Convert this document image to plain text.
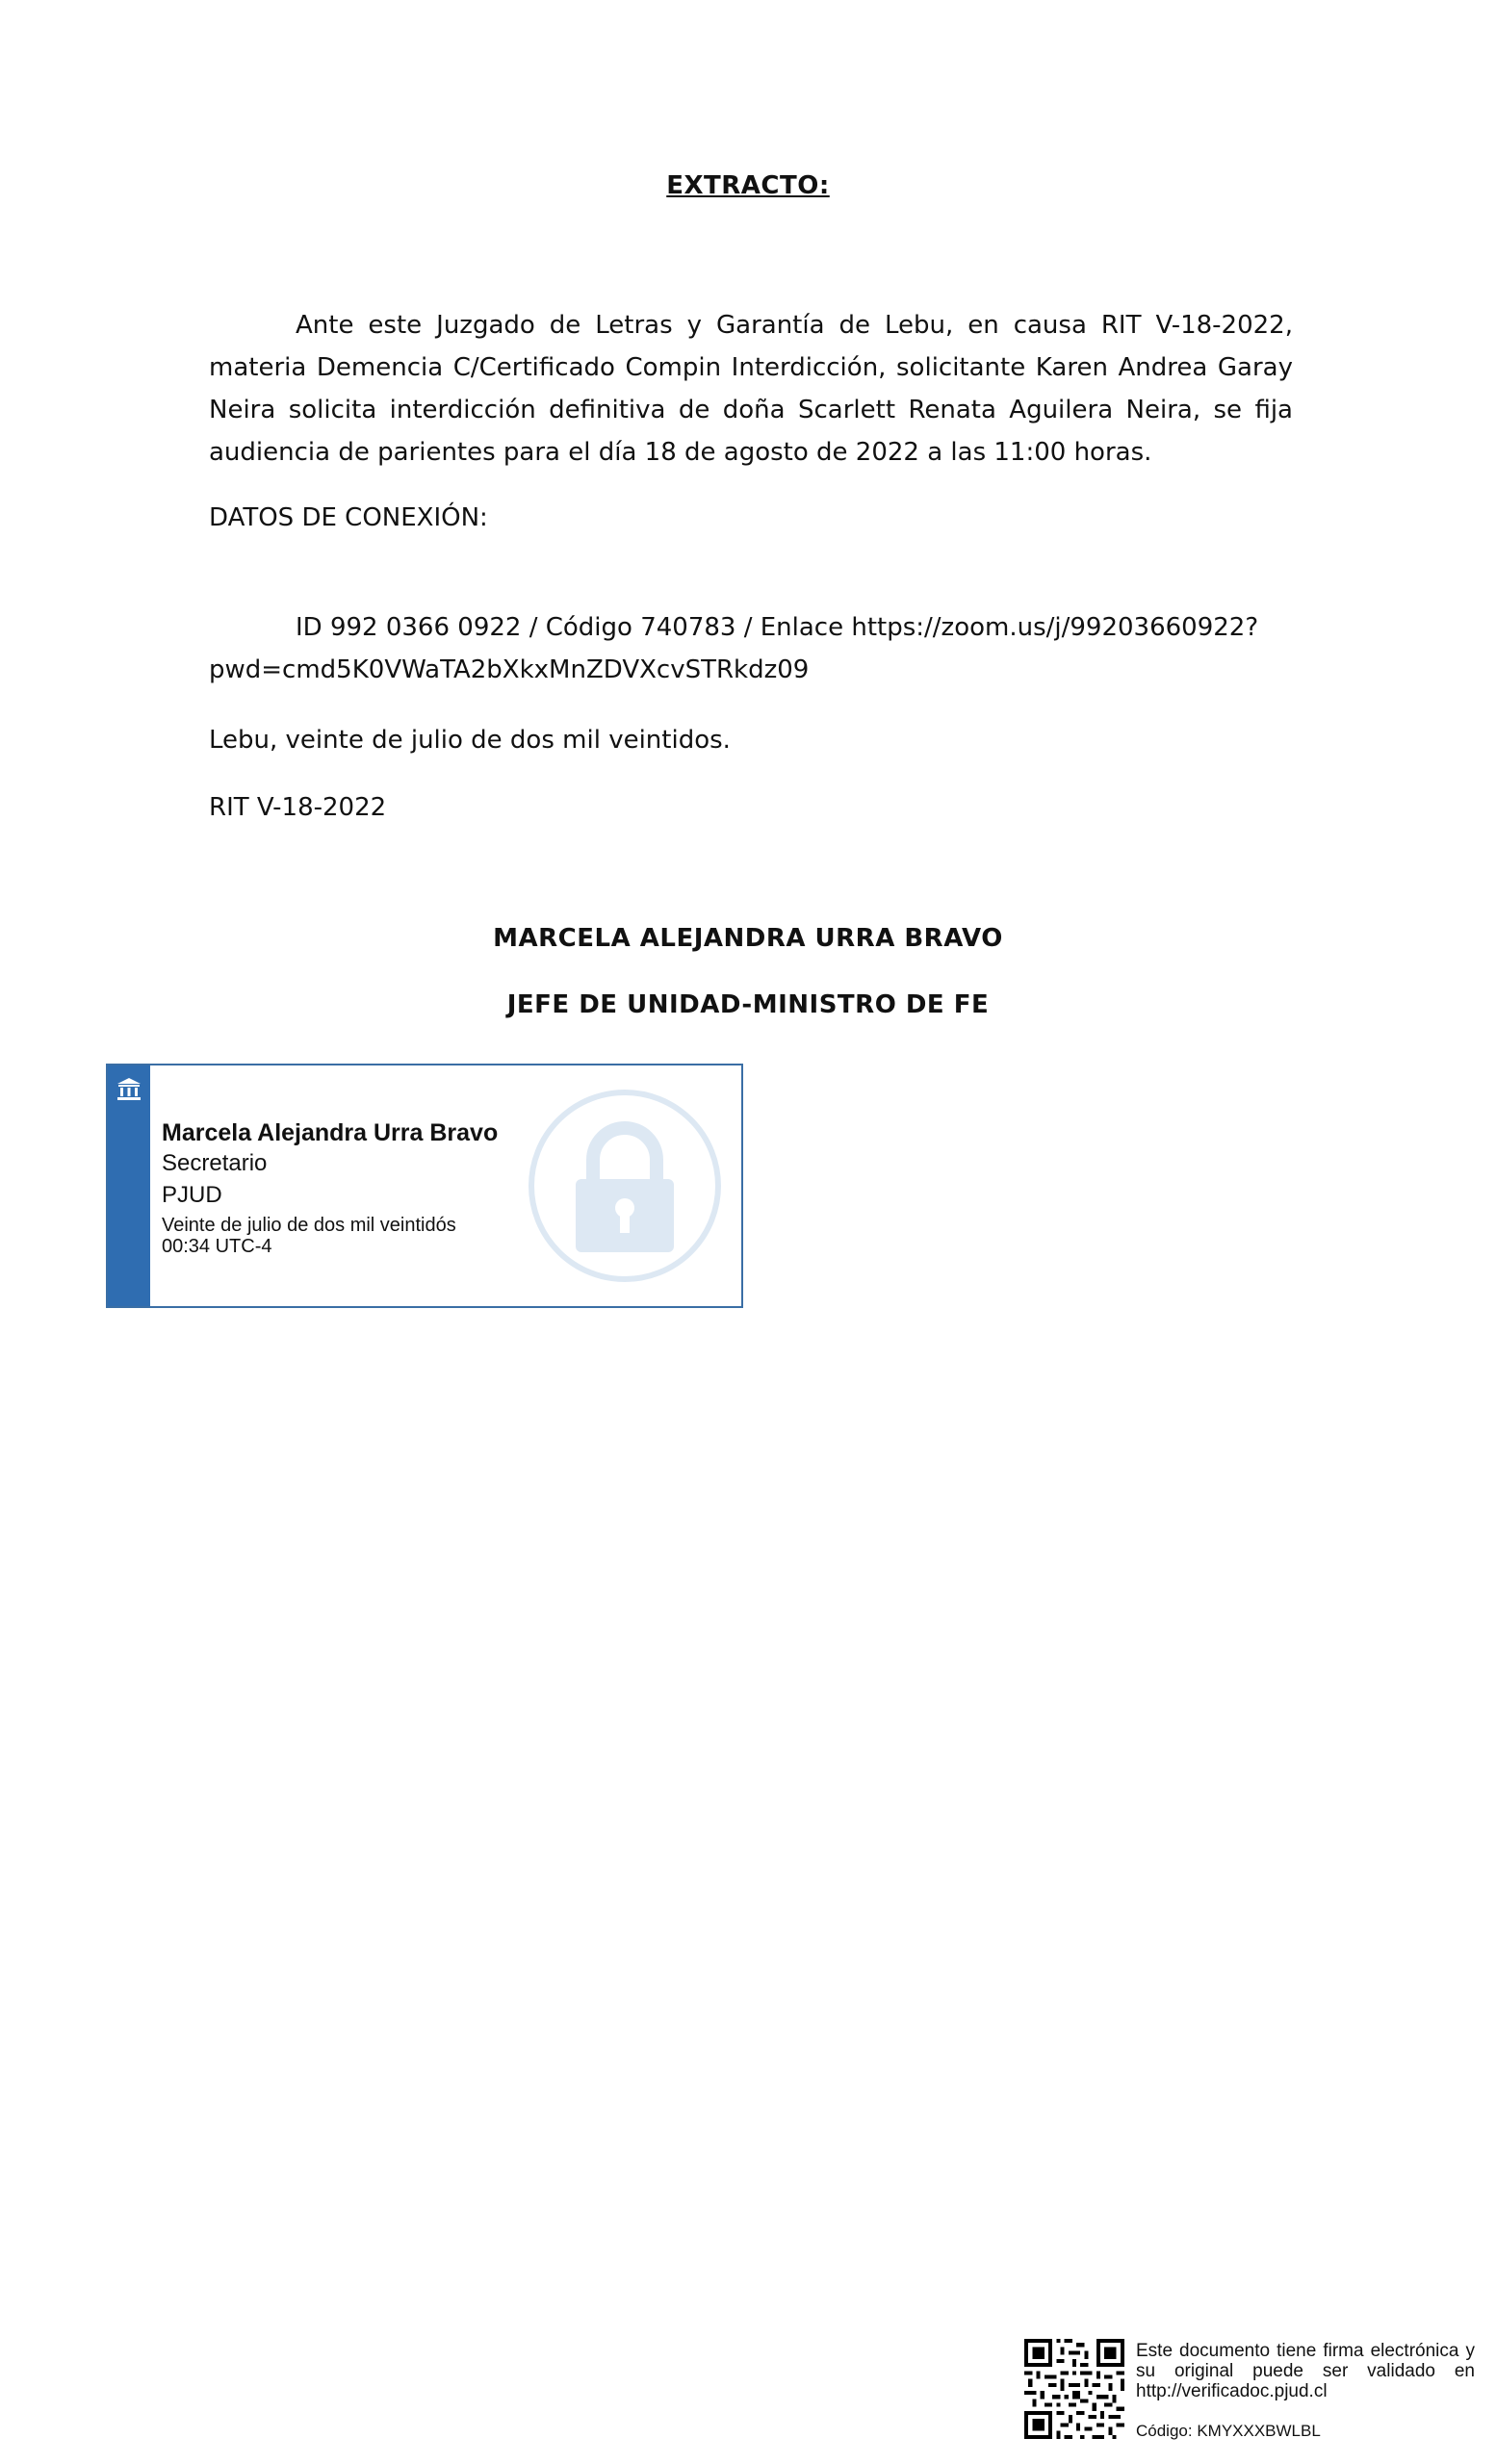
EXTRACTO:
Ante este Juzgado de Letras y Garantía de Lebu, en causa RIT V-18-2022, materia Demencia C/Certificado Compin Interdicción, solicitante Karen Andrea Garay Neira solicita interdicción definitiva de doña Scarlett Renata Aguilera Neira, se fija audiencia de parientes para el día 18 de agosto de 2022 a las 11:00 horas.
DATOS DE CONEXIÓN:
ID 992 0366 0922 / Código 740783 / Enlace https://zoom.us/j/99203660922?
pwd=cmd5K0VWaTA2bXkxMnZDVXcvSTRkdz09
Lebu, veinte de julio de dos mil veintidos.
RIT V-18-2022
MARCELA ALEJANDRA URRA BRAVO
JEFE DE UNIDAD-MINISTRO DE FE
Marcela Alejandra Urra Bravo
Secretario
PJUD
Veinte de julio de dos mil veintidós
00:34 UTC-4
Este documento tiene firma electrónica y su original puede ser validado en http://verificadoc.pjud.cl
Código: KMYXXXBWLBL
